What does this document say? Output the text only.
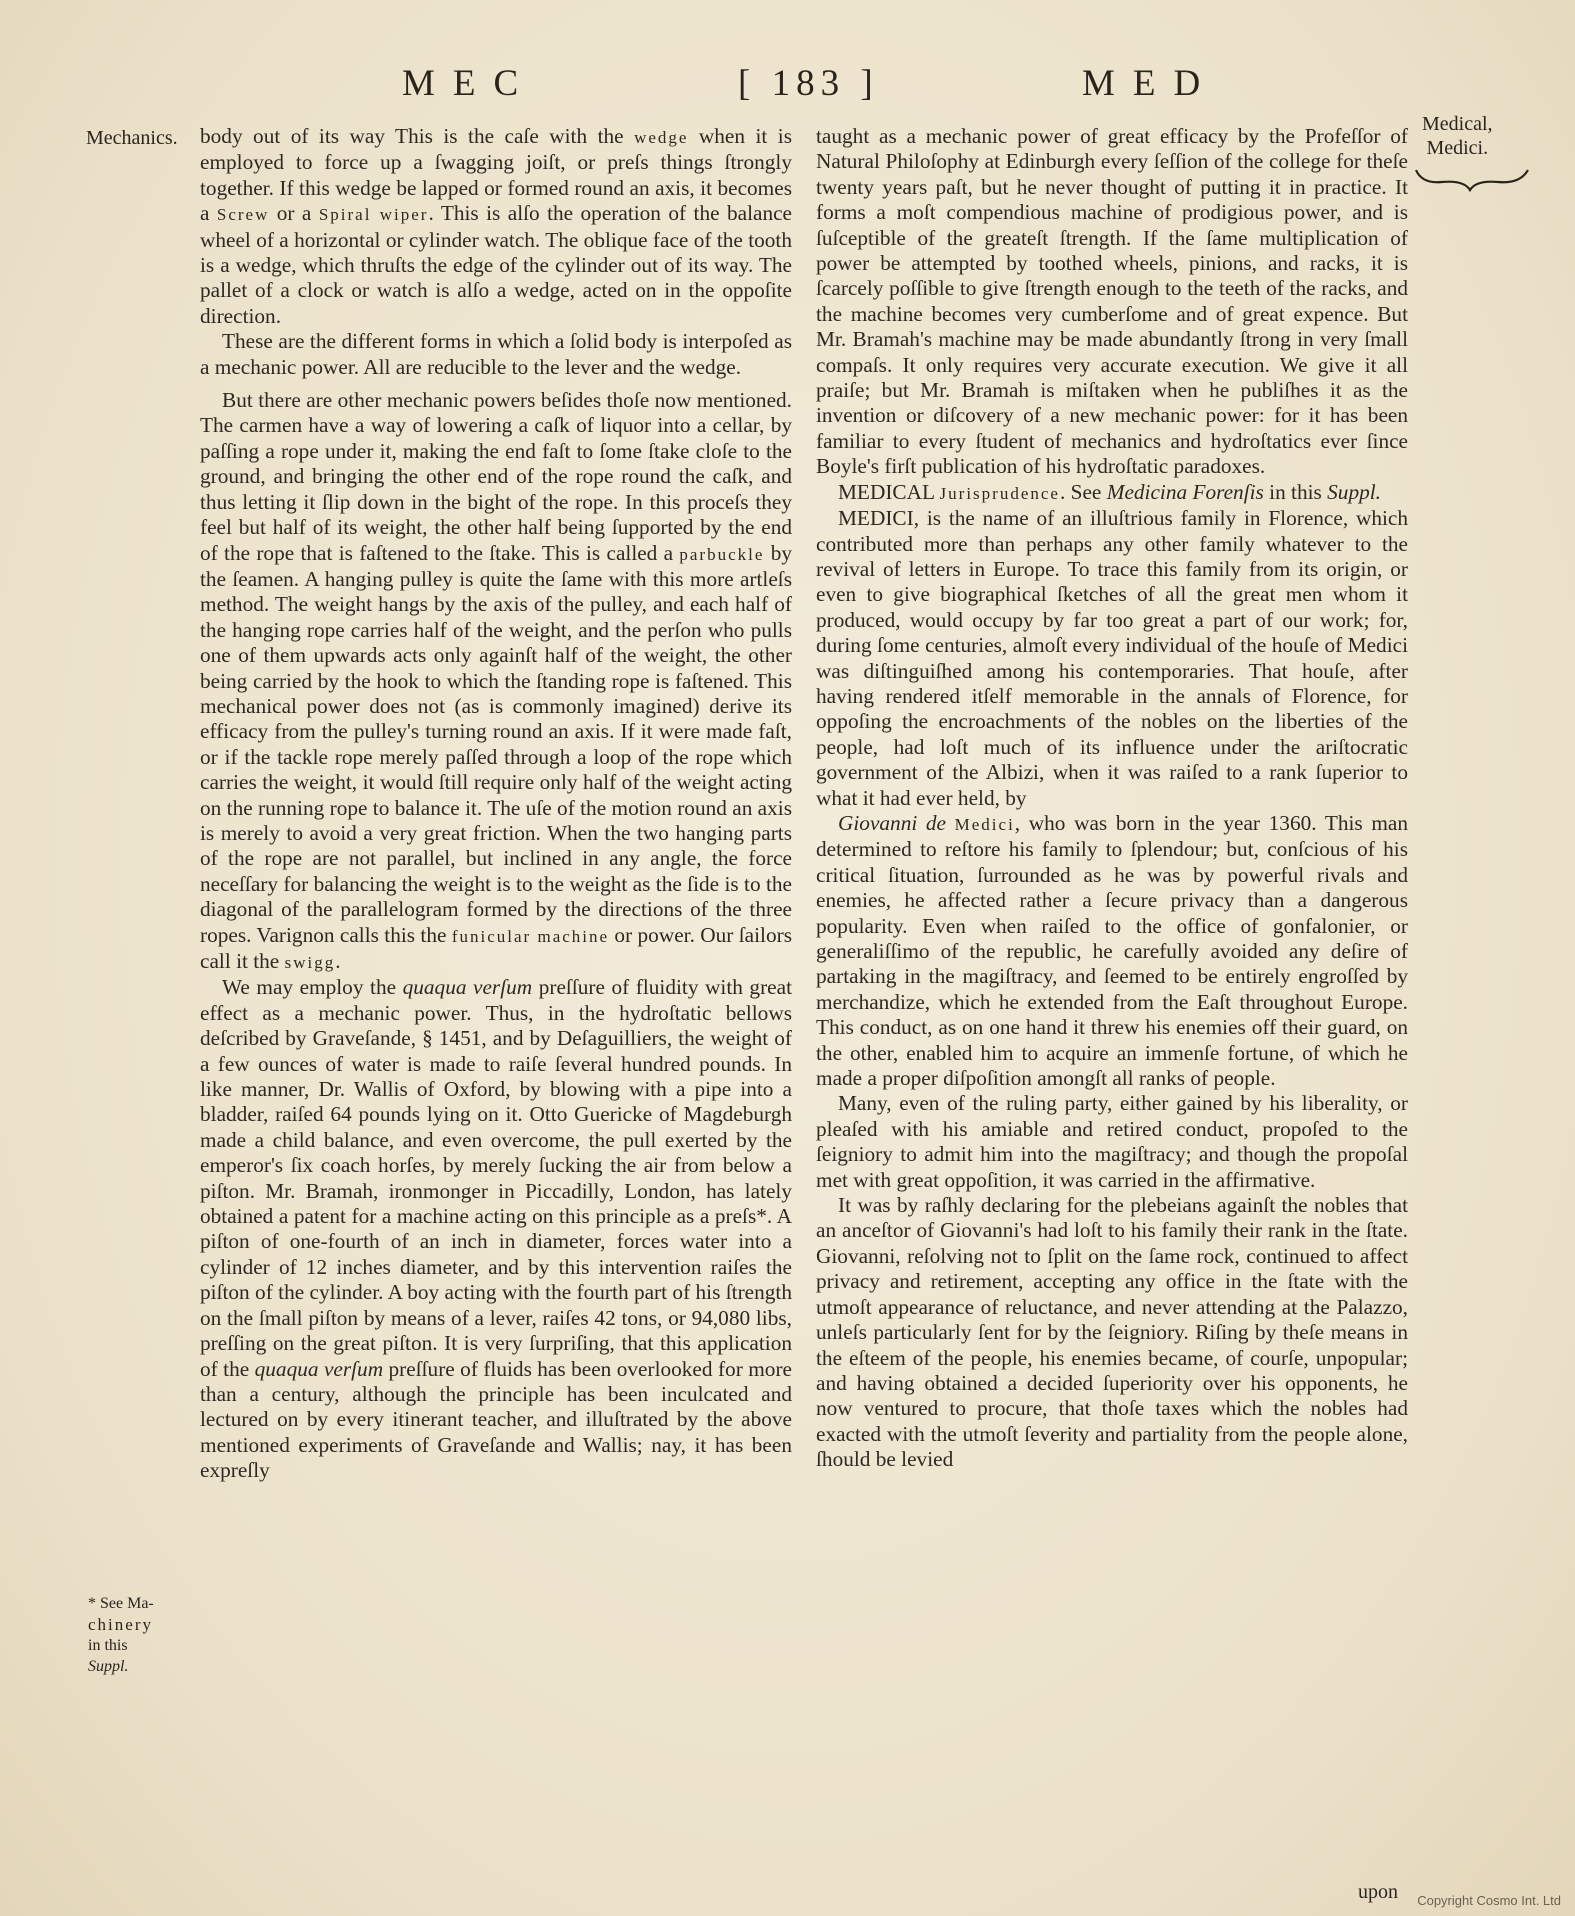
MEC	[ 183 ]	MED
Mechanics.
* See Ma-
chinery
in this
Suppl.
Medical,
Medici.

body out of its way This is the caſe with the wedge when it is employed to force up a ſwagging joiſt, or preſs things ſtrongly together. If this wedge be lapped or formed round an axis, it becomes a Screw or a Spiral wiper. This is alſo the operation of the balance wheel of a horizontal or cylinder watch. The oblique face of the tooth is a wedge, which thruſts the edge of the cylinder out of its way. The pallet of a clock or watch is alſo a wedge, acted on in the oppoſite direction.

These are the different forms in which a ſolid body is interpoſed as a mechanic power. All are reducible to the lever and the wedge.

But there are other mechanic powers beſides thoſe now mentioned. The carmen have a way of lowering a caſk of liquor into a cellar, by paſſing a rope under it, making the end faſt to ſome ſtake cloſe to the ground, and bringing the other end of the rope round the caſk, and thus letting it ſlip down in the bight of the rope. In this proceſs they feel but half of its weight, the other half being ſupported by the end of the rope that is faſtened to the ſtake. This is called a parbuckle by the ſeamen. A hanging pulley is quite the ſame with this more artleſs method. The weight hangs by the axis of the pulley, and each half of the hanging rope carries half of the weight, and the perſon who pulls one of them upwards acts only againſt half of the weight, the other being carried by the hook to which the ſtanding rope is faſtened. This mechanical power does not (as is commonly imagined) derive its efficacy from the pulley's turning round an axis. If it were made faſt, or if the tackle rope merely paſſed through a loop of the rope which carries the weight, it would ſtill require only half of the weight acting on the running rope to balance it. The uſe of the motion round an axis is merely to avoid a very great friction. When the two hanging parts of the rope are not parallel, but inclined in any angle, the force neceſſary for balancing the weight is to the weight as the ſide is to the diagonal of the parallelogram formed by the directions of the three ropes. Varignon calls this the funicular machine or power. Our ſailors call it the swigg.

We may employ the quaqua verſum preſſure of fluidity with great effect as a mechanic power. Thus, in the hydroſtatic bellows deſcribed by Graveſande, § 1451, and by Deſaguilliers, the weight of a few ounces of water is made to raiſe ſeveral hundred pounds. In like manner, Dr. Wallis of Oxford, by blowing with a pipe into a bladder, raiſed 64 pounds lying on it. Otto Guericke of Magdeburgh made a child balance, and even overcome, the pull exerted by the emperor's ſix coach horſes, by merely ſucking the air from below a piſton. Mr. Bramah, ironmonger in Piccadilly, London, has lately obtained a patent for a machine acting on this principle as a preſs*. A piſton of one-fourth of an inch in diameter, forces water into a cylinder of 12 inches diameter, and by this intervention raiſes the piſton of the cylinder. A boy acting with the fourth part of his ſtrength on the ſmall piſton by means of a lever, raiſes 42 tons, or 94,080 libs, preſſing on the great piſton. It is very ſurpriſing, that this application of the quaqua verſum preſſure of fluids has been overlooked for more than a century, although the principle has been inculcated and lectured on by every itinerant teacher, and illuſtrated by the above mentioned experiments of Graveſande and Wallis; nay, it has been expreſly

taught as a mechanic power of great efficacy by the Profeſſor of Natural Philoſophy at Edinburgh every ſeſſion of the college for theſe twenty years paſt, but he never thought of putting it in practice. It forms a moſt compendious machine of prodigious power, and is ſuſceptible of the greateſt ſtrength. If the ſame multiplication of power be attempted by toothed wheels, pinions, and racks, it is ſcarcely poſſible to give ſtrength enough to the teeth of the racks, and the machine becomes very cumberſome and of great expence. But Mr. Bramah's machine may be made abundantly ſtrong in very ſmall compaſs. It only requires very accurate execution. We give it all praiſe; but Mr. Bramah is miſtaken when he publiſhes it as the invention or diſcovery of a new mechanic power: for it has been familiar to every ſtudent of mechanics and hydroſtatics ever ſince Boyle's firſt publication of his hydroſtatic paradoxes.

MEDICAL Jurisprudence. See Medicina Forenſis in this Suppl.

MEDICI, is the name of an illuſtrious family in Florence, which contributed more than perhaps any other family whatever to the revival of letters in Europe. To trace this family from its origin, or even to give biographical ſketches of all the great men whom it produced, would occupy by far too great a part of our work; for, during ſome centuries, almoſt every individual of the houſe of Medici was diſtinguiſhed among his contemporaries. That houſe, after having rendered itſelf memorable in the annals of Florence, for oppoſing the encroachments of the nobles on the liberties of the people, had loſt much of its influence under the ariſtocratic government of the Albizi, when it was raiſed to a rank ſuperior to what it had ever held, by

Giovanni de Medici, who was born in the year 1360. This man determined to reſtore his family to ſplendour; but, conſcious of his critical ſituation, ſurrounded as he was by powerful rivals and enemies, he affected rather a ſecure privacy than a dangerous popularity. Even when raiſed to the office of gonfalonier, or generaliſſimo of the republic, he carefully avoided any deſire of partaking in the magiſtracy, and ſeemed to be entirely engroſſed by merchandize, which he extended from the Eaſt throughout Europe. This conduct, as on one hand it threw his enemies off their guard, on the other, enabled him to acquire an immenſe fortune, of which he made a proper diſpoſition amongſt all ranks of people.

Many, even of the ruling party, either gained by his liberality, or pleaſed with his amiable and retired conduct, propoſed to the ſeigniory to admit him into the magiſtracy; and though the propoſal met with great oppoſition, it was carried in the affirmative.

It was by raſhly declaring for the plebeians againſt the nobles that an anceſtor of Giovanni's had loſt to his family their rank in the ſtate. Giovanni, reſolving not to ſplit on the ſame rock, continued to affect privacy and retirement, accepting any office in the ſtate with the utmoſt appearance of reluctance, and never attending at the Palazzo, unleſs particularly ſent for by the ſeigniory. Riſing by theſe means in the eſteem of the people, his enemies became, of courſe, unpopular; and having obtained a decided ſuperiority over his opponents, he now ventured to procure, that thoſe taxes which the nobles had exacted with the utmoſt ſeverity and partiality from the people alone, ſhould be levied

upon Copyright Cosmo Int. Ltd
